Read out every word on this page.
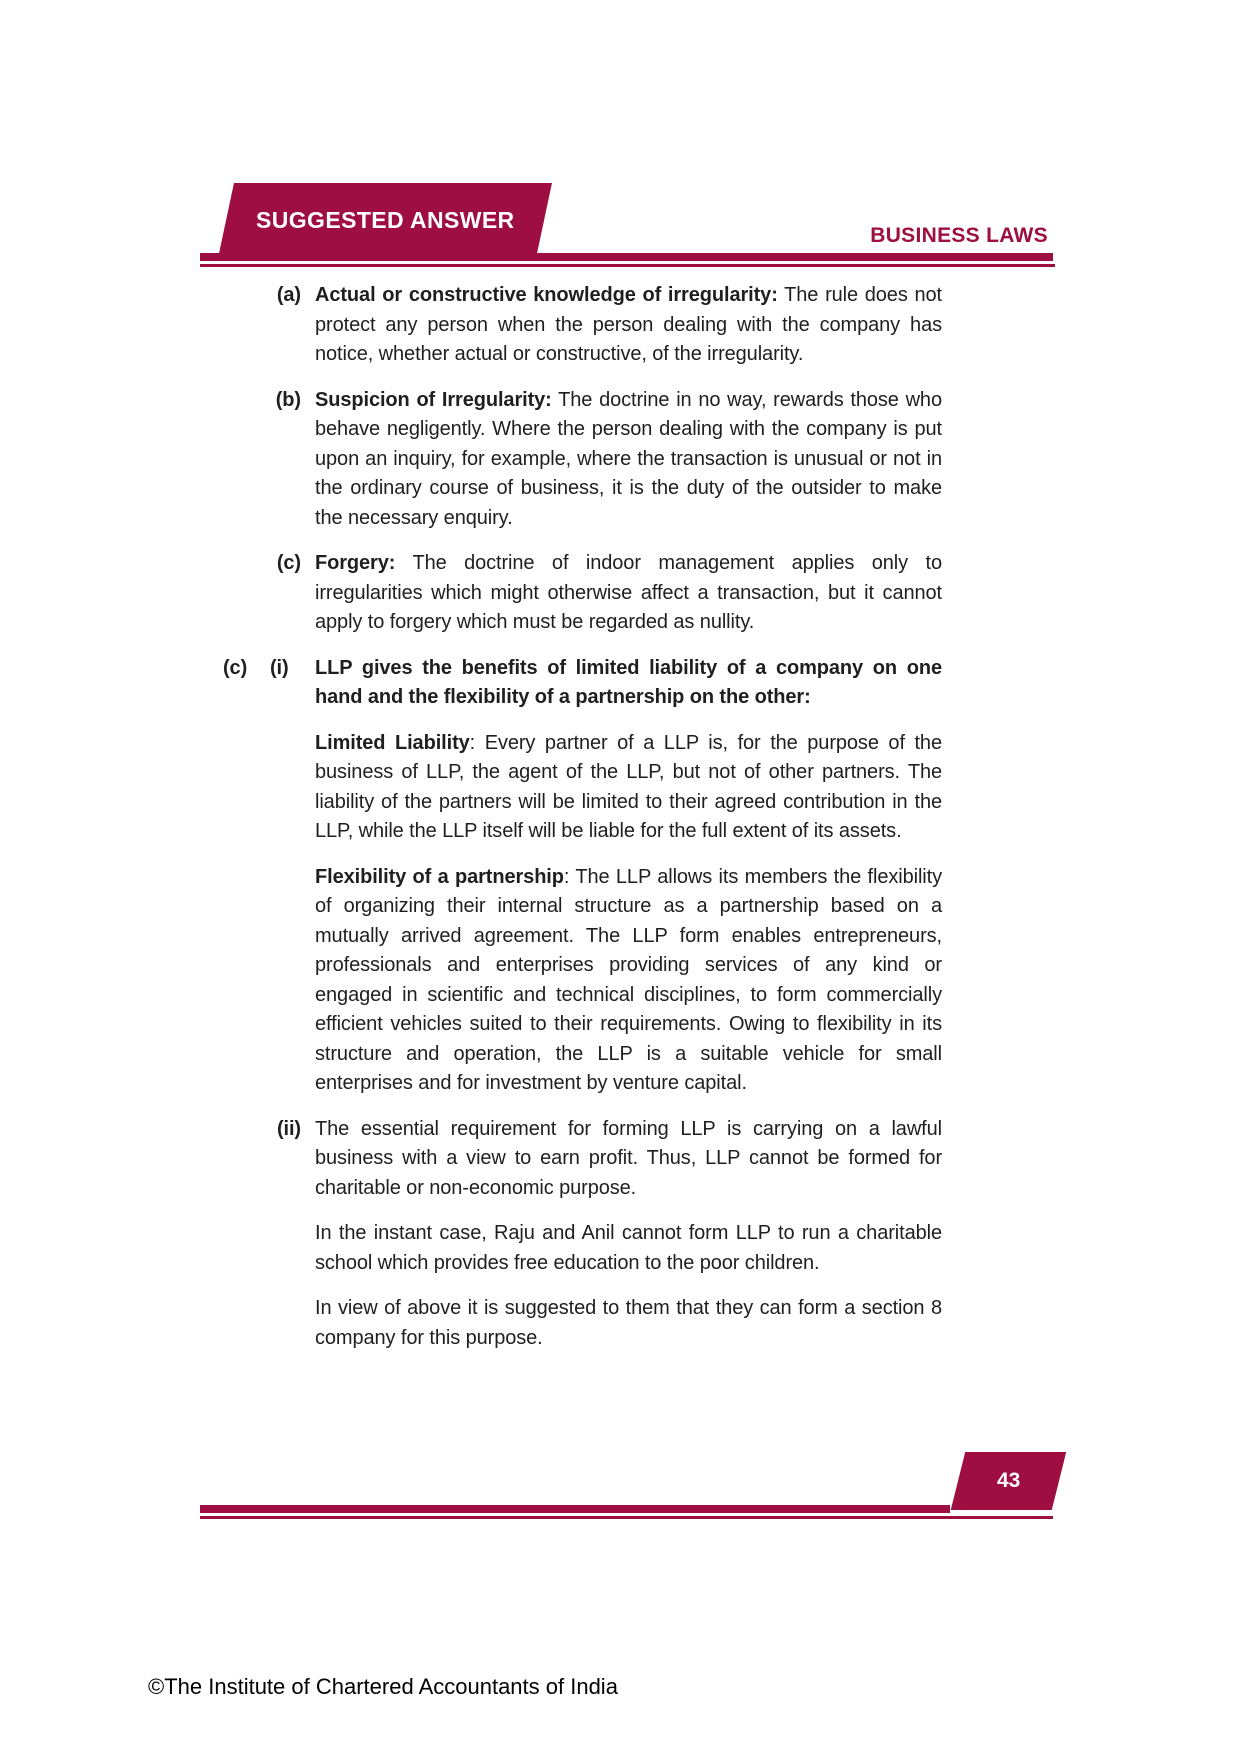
SUGGESTED ANSWER
BUSINESS LAWS
(a) Actual or constructive knowledge of irregularity: The rule does not protect any person when the person dealing with the company has notice, whether actual or constructive, of the irregularity.
(b) Suspicion of Irregularity: The doctrine in no way, rewards those who behave negligently. Where the person dealing with the company is put upon an inquiry, for example, where the transaction is unusual or not in the ordinary course of business, it is the duty of the outsider to make the necessary enquiry.
(c) Forgery: The doctrine of indoor management applies only to irregularities which might otherwise affect a transaction, but it cannot apply to forgery which must be regarded as nullity.
(c)	(i)	LLP gives the benefits of limited liability of a company on one hand and the flexibility of a partnership on the other:
Limited Liability: Every partner of a LLP is, for the purpose of the business of LLP, the agent of the LLP, but not of other partners. The liability of the partners will be limited to their agreed contribution in the LLP, while the LLP itself will be liable for the full extent of its assets.
Flexibility of a partnership: The LLP allows its members the flexibility of organizing their internal structure as a partnership based on a mutually arrived agreement. The LLP form enables entrepreneurs, professionals and enterprises providing services of any kind or engaged in scientific and technical disciplines, to form commercially efficient vehicles suited to their requirements. Owing to flexibility in its structure and operation, the LLP is a suitable vehicle for small enterprises and for investment by venture capital.
(ii) The essential requirement for forming LLP is carrying on a lawful business with a view to earn profit. Thus, LLP cannot be formed for charitable or non-economic purpose.
In the instant case, Raju and Anil cannot form LLP to run a charitable school which provides free education to the poor children.
In view of above it is suggested to them that they can form a section 8 company for this purpose.
43
©The Institute of Chartered Accountants of India
